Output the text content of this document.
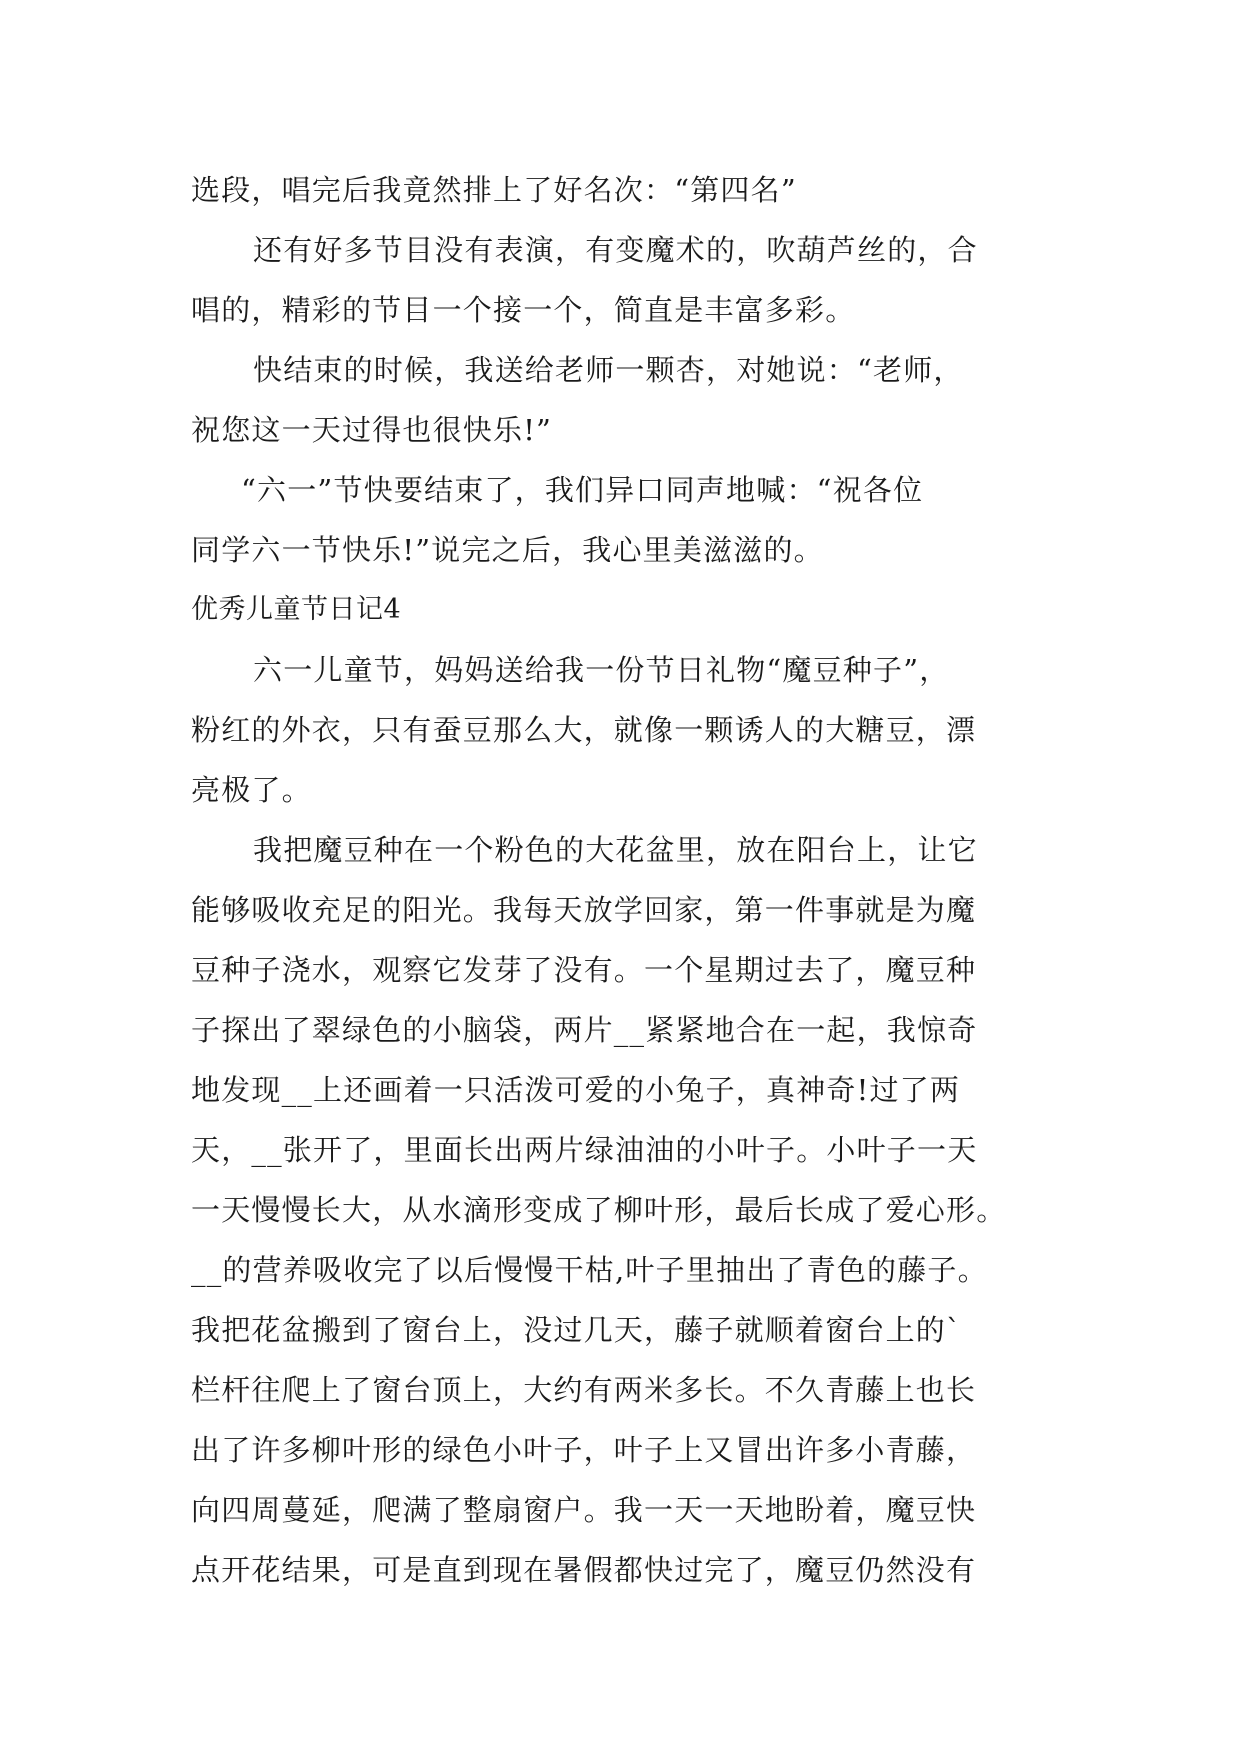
选段，唱完后我竟然排上了好名次：“第四名”
还有好多节目没有表演，有变魔术的，吹葫芦丝的，合
唱的，精彩的节目一个接一个，简直是丰富多彩。
快结束的时候，我送给老师一颗杏，对她说：“老师，
祝您这一天过得也很快乐!”
“六一”节快要结束了，我们异口同声地喊：“祝各位
同学六一节快乐!”说完之后，我心里美滋滋的。
优秀儿童节日记4
六一儿童节，妈妈送给我一份节日礼物“魔豆种子”，
粉红的外衣，只有蚕豆那么大，就像一颗诱人的大糖豆，漂
亮极了。
我把魔豆种在一个粉色的大花盆里，放在阳台上，让它
能够吸收充足的阳光。我每天放学回家，第一件事就是为魔
豆种子浇水，观察它发芽了没有。一个星期过去了，魔豆种
子探出了翠绿色的小脑袋，两片__紧紧地合在一起，我惊奇
地发现__上还画着一只活泼可爱的小兔子，真神奇!过了两
天，__张开了，里面长出两片绿油油的小叶子。小叶子一天
一天慢慢长大，从水滴形变成了柳叶形，最后长成了爱心形。
__的营养吸收完了以后慢慢干枯,叶子里抽出了青色的藤子。
我把花盆搬到了窗台上，没过几天，藤子就顺着窗台上的`
栏杆往爬上了窗台顶上，大约有两米多长。不久青藤上也长
出了许多柳叶形的绿色小叶子，叶子上又冒出许多小青藤，
向四周蔓延，爬满了整扇窗户。我一天一天地盼着，魔豆快
点开花结果，可是直到现在暑假都快过完了，魔豆仍然没有
